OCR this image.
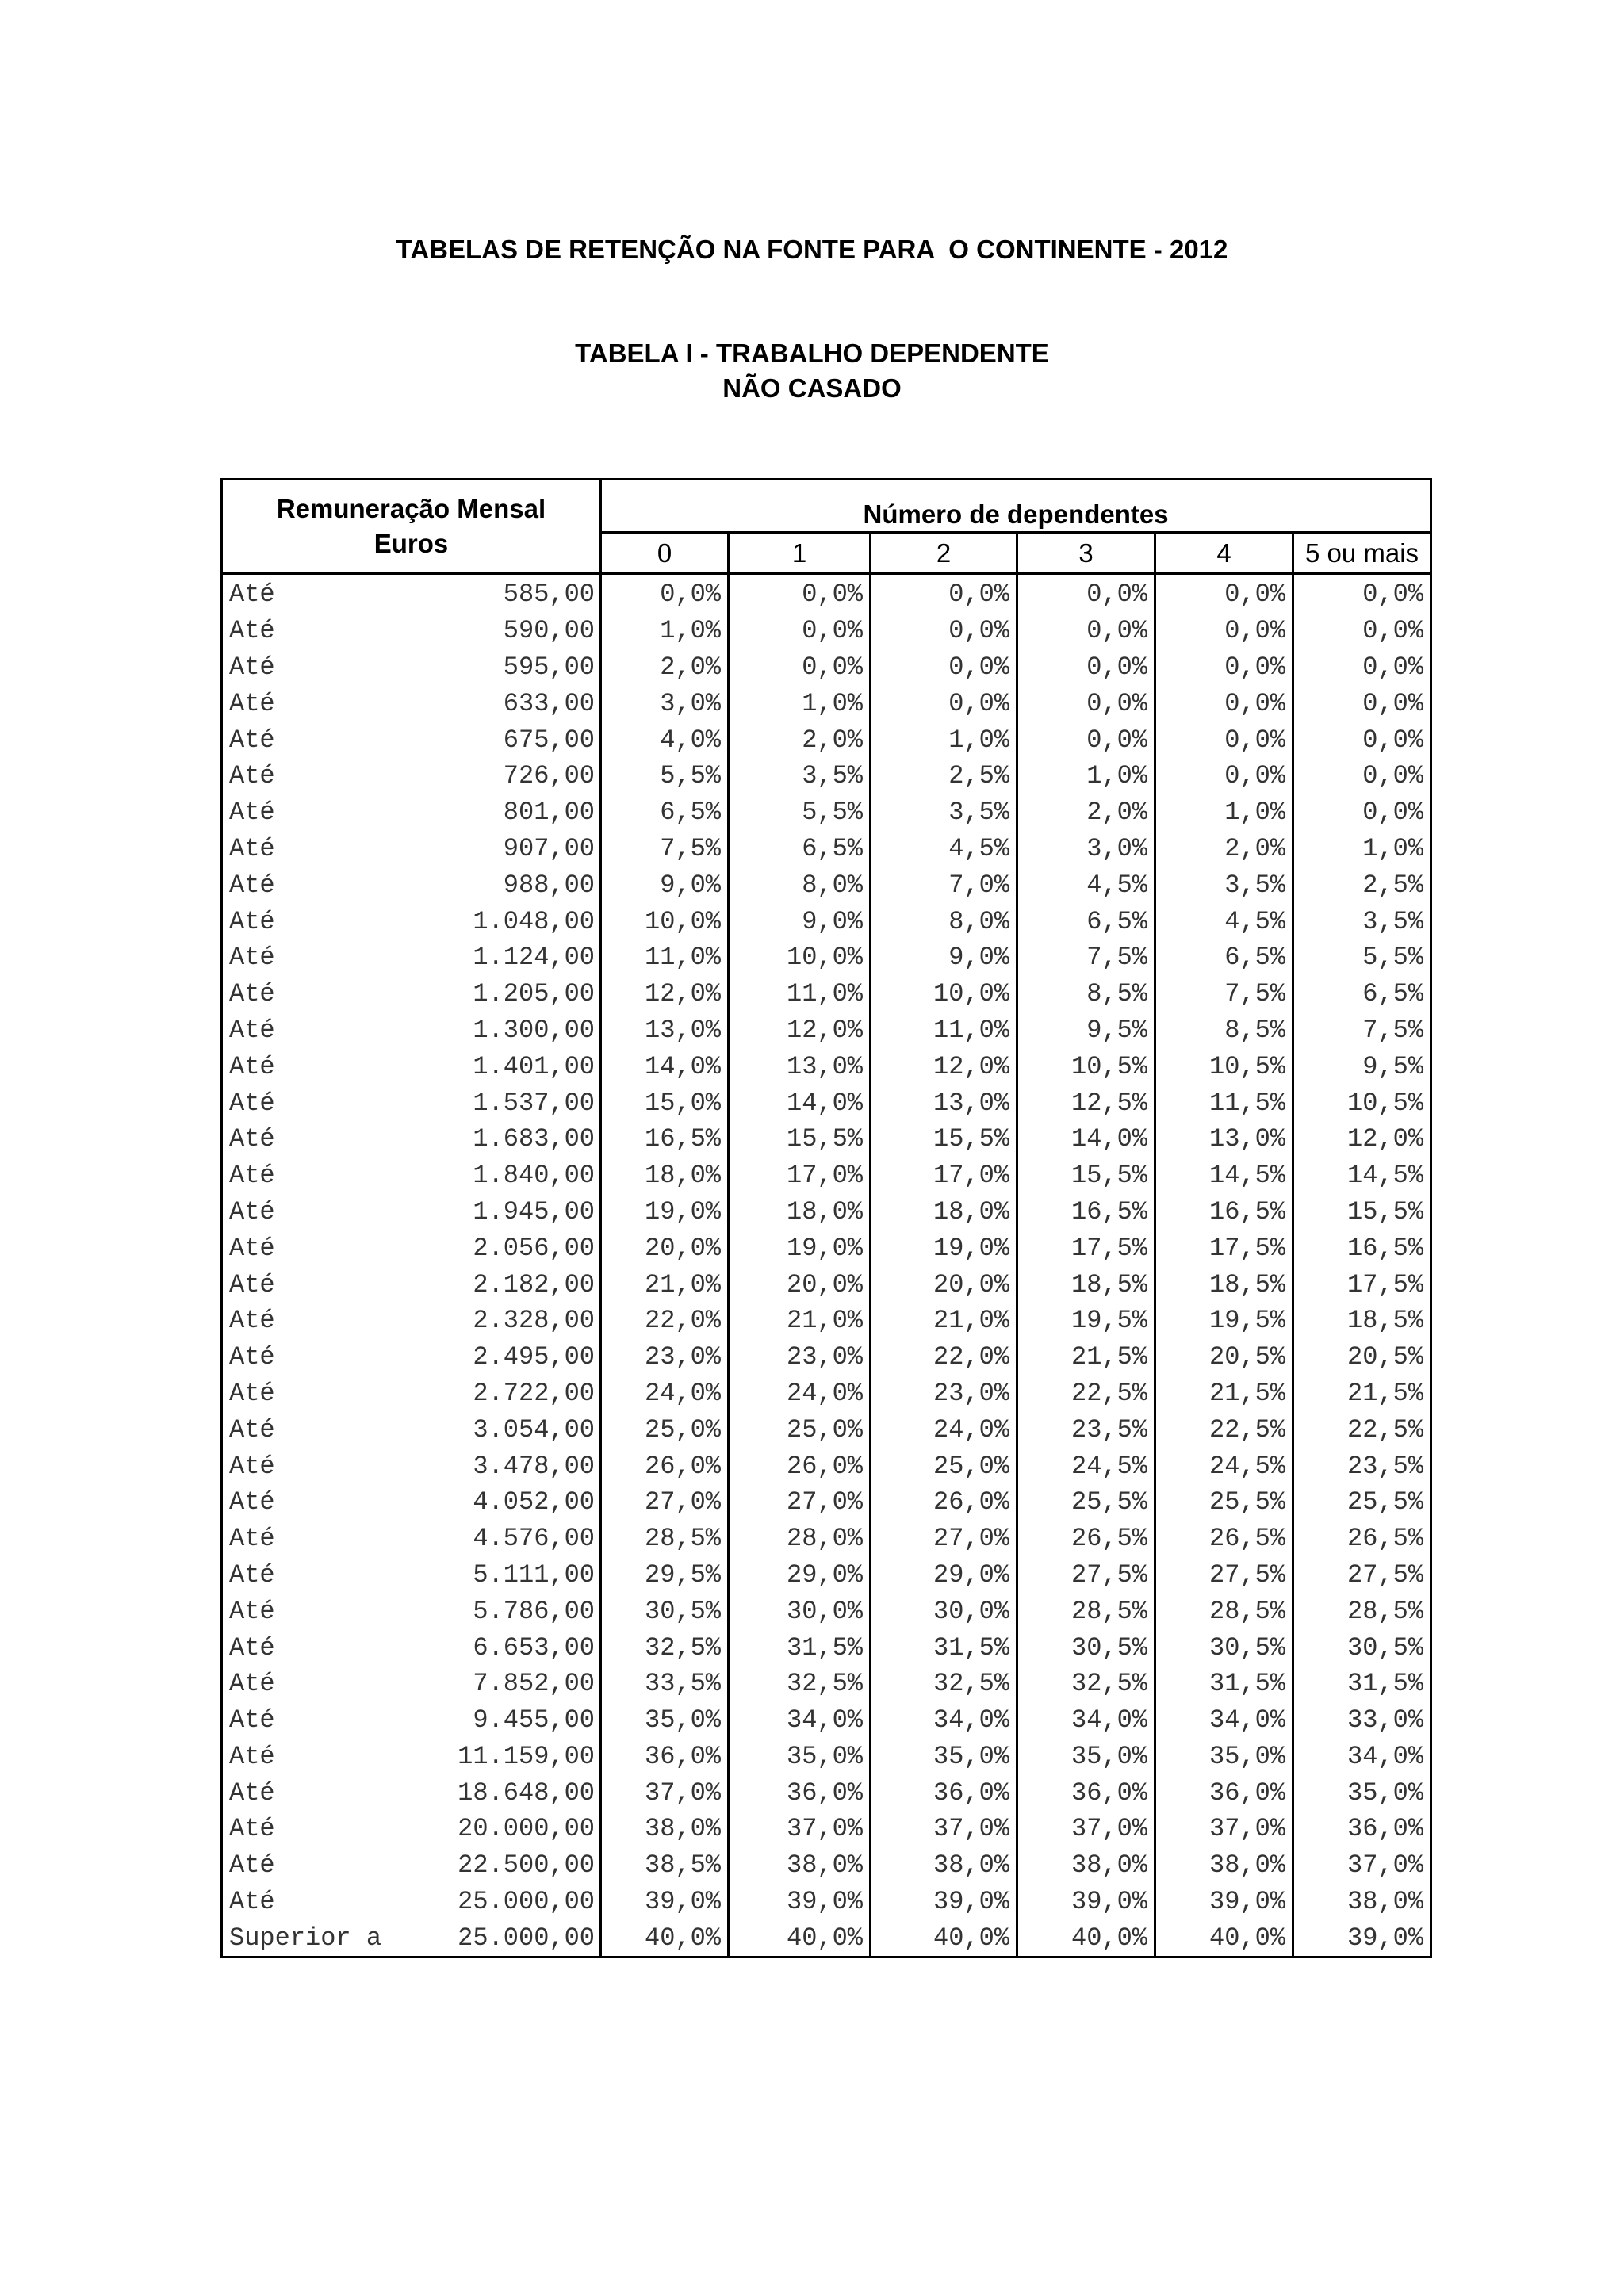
TABELAS DE RETENÇÃO NA FONTE PARA  O CONTINENTE - 2012
TABELA I - TRABALHO DEPENDENTE
NÃO CASADO
Remuneração Mensal
Euros	Número de dependentes					
	0	1	2	3	4	5 ou mais

Até 585,00	0,0%	0,0%	0,0%	0,0%	0,0%	0,0%

Até 590,00	1,0%	0,0%	0,0%	0,0%	0,0%	0,0%

Até 595,00	2,0%	0,0%	0,0%	0,0%	0,0%	0,0%

Até 633,00	3,0%	1,0%	0,0%	0,0%	0,0%	0,0%

Até 675,00	4,0%	2,0%	1,0%	0,0%	0,0%	0,0%

Até 726,00	5,5%	3,5%	2,5%	1,0%	0,0%	0,0%

Até 801,00	6,5%	5,5%	3,5%	2,0%	1,0%	0,0%

Até 907,00	7,5%	6,5%	4,5%	3,0%	2,0%	1,0%

Até 988,00	9,0%	8,0%	7,0%	4,5%	3,5%	2,5%

Até 1.048,00	10,0%	9,0%	8,0%	6,5%	4,5%	3,5%

Até 1.124,00	11,0%	10,0%	9,0%	7,5%	6,5%	5,5%

Até 1.205,00	12,0%	11,0%	10,0%	8,5%	7,5%	6,5%

Até 1.300,00	13,0%	12,0%	11,0%	9,5%	8,5%	7,5%

Até 1.401,00	14,0%	13,0%	12,0%	10,5%	10,5%	9,5%

Até 1.537,00	15,0%	14,0%	13,0%	12,5%	11,5%	10,5%

Até 1.683,00	16,5%	15,5%	15,5%	14,0%	13,0%	12,0%

Até 1.840,00	18,0%	17,0%	17,0%	15,5%	14,5%	14,5%

Até 1.945,00	19,0%	18,0%	18,0%	16,5%	16,5%	15,5%

Até 2.056,00	20,0%	19,0%	19,0%	17,5%	17,5%	16,5%

Até 2.182,00	21,0%	20,0%	20,0%	18,5%	18,5%	17,5%

Até 2.328,00	22,0%	21,0%	21,0%	19,5%	19,5%	18,5%

Até 2.495,00	23,0%	23,0%	22,0%	21,5%	20,5%	20,5%

Até 2.722,00	24,0%	24,0%	23,0%	22,5%	21,5%	21,5%

Até 3.054,00	25,0%	25,0%	24,0%	23,5%	22,5%	22,5%

Até 3.478,00	26,0%	26,0%	25,0%	24,5%	24,5%	23,5%

Até 4.052,00	27,0%	27,0%	26,0%	25,5%	25,5%	25,5%

Até 4.576,00	28,5%	28,0%	27,0%	26,5%	26,5%	26,5%

Até 5.111,00	29,5%	29,0%	29,0%	27,5%	27,5%	27,5%

Até 5.786,00	30,5%	30,0%	30,0%	28,5%	28,5%	28,5%

Até 6.653,00	32,5%	31,5%	31,5%	30,5%	30,5%	30,5%

Até 7.852,00	33,5%	32,5%	32,5%	32,5%	31,5%	31,5%

Até 9.455,00	35,0%	34,0%	34,0%	34,0%	34,0%	33,0%

Até 11.159,00	36,0%	35,0%	35,0%	35,0%	35,0%	34,0%

Até 18.648,00	37,0%	36,0%	36,0%	36,0%	36,0%	35,0%

Até 20.000,00	38,0%	37,0%	37,0%	37,0%	37,0%	36,0%

Até 22.500,00	38,5%	38,0%	38,0%	38,0%	38,0%	37,0%

Até 25.000,00	39,0%	39,0%	39,0%	39,0%	39,0%	38,0%

Superior a 25.000,00	40,0%	40,0%	40,0%	40,0%	40,0%	39,0%
